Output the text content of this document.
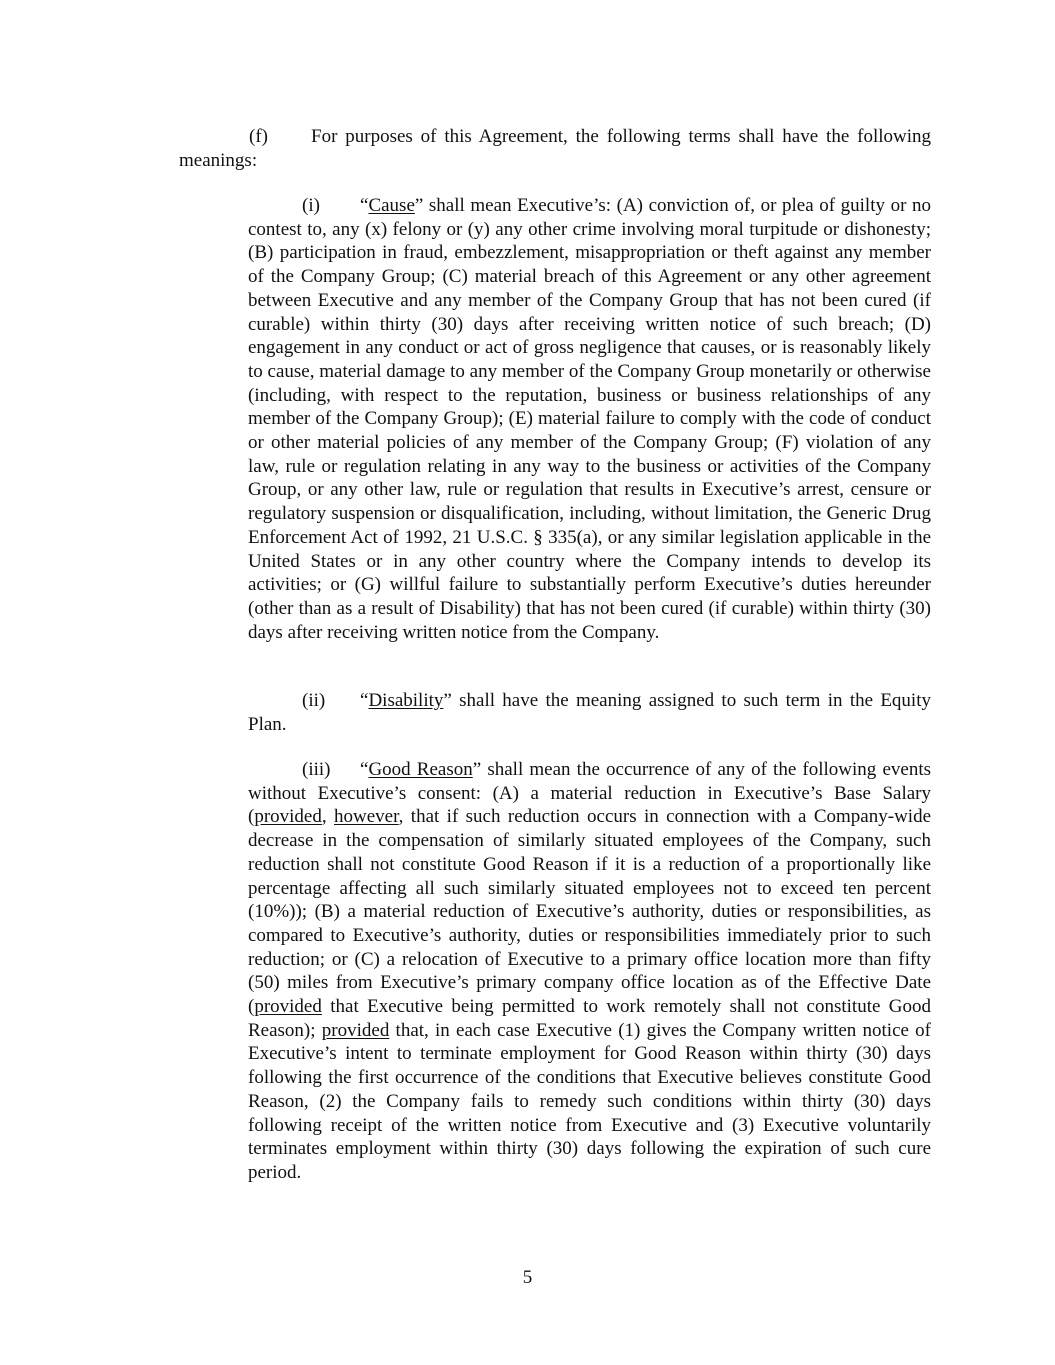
(f) For purposes of this Agreement, the following terms shall have the following meanings:

(i) “Cause” shall mean Executive’s: (A) conviction of, or plea of guilty or no contest to, any (x) felony or (y) any other crime involving moral turpitude or dishonesty; (B) participation in fraud, embezzlement, misappropriation or theft against any member of the Company Group; (C) material breach of this Agreement or any other agreement between Executive and any member of the Company Group that has not been cured (if curable) within thirty (30) days after receiving written notice of such breach; (D) engagement in any conduct or act of gross negligence that causes, or is reasonably likely to cause, material damage to any member of the Company Group monetarily or otherwise (including, with respect to the reputation, business or business relationships of any member of the Company Group); (E) material failure to comply with the code of conduct or other material policies of any member of the Company Group; (F) violation of any law, rule or regulation relating in any way to the business or activities of the Company Group, or any other law, rule or regulation that results in Executive’s arrest, censure or regulatory suspension or disqualification, including, without limitation, the Generic Drug Enforcement Act of 1992, 21 U.S.C. § 335(a), or any similar legislation applicable in the United States or in any other country where the Company intends to develop its activities; or (G) willful failure to substantially perform Executive’s duties hereunder (other than as a result of Disability) that has not been cured (if curable) within thirty (30) days after receiving written notice from the Company.

(ii) “Disability” shall have the meaning assigned to such term in the Equity Plan.

(iii) “Good Reason” shall mean the occurrence of any of the following events without Executive’s consent: (A) a material reduction in Executive’s Base Salary (provided, however, that if such reduction occurs in connection with a Company-wide decrease in the compensation of similarly situated employees of the Company, such reduction shall not constitute Good Reason if it is a reduction of a proportionally like percentage affecting all such similarly situated employees not to exceed ten percent (10%)); (B) a material reduction of Executive’s authority, duties or responsibilities, as compared to Executive’s authority, duties or responsibilities immediately prior to such reduction; or (C) a relocation of Executive to a primary office location more than fifty (50) miles from Executive’s primary company office location as of the Effective Date (provided that Executive being permitted to work remotely shall not constitute Good Reason); provided that, in each case Executive (1) gives the Company written notice of Executive’s intent to terminate employment for Good Reason within thirty (30) days following the first occurrence of the conditions that Executive believes constitute Good Reason, (2) the Company fails to remedy such conditions within thirty (30) days following receipt of the written notice from Executive and (3) Executive voluntarily terminates employment within thirty (30) days following the expiration of such cure period.

5
